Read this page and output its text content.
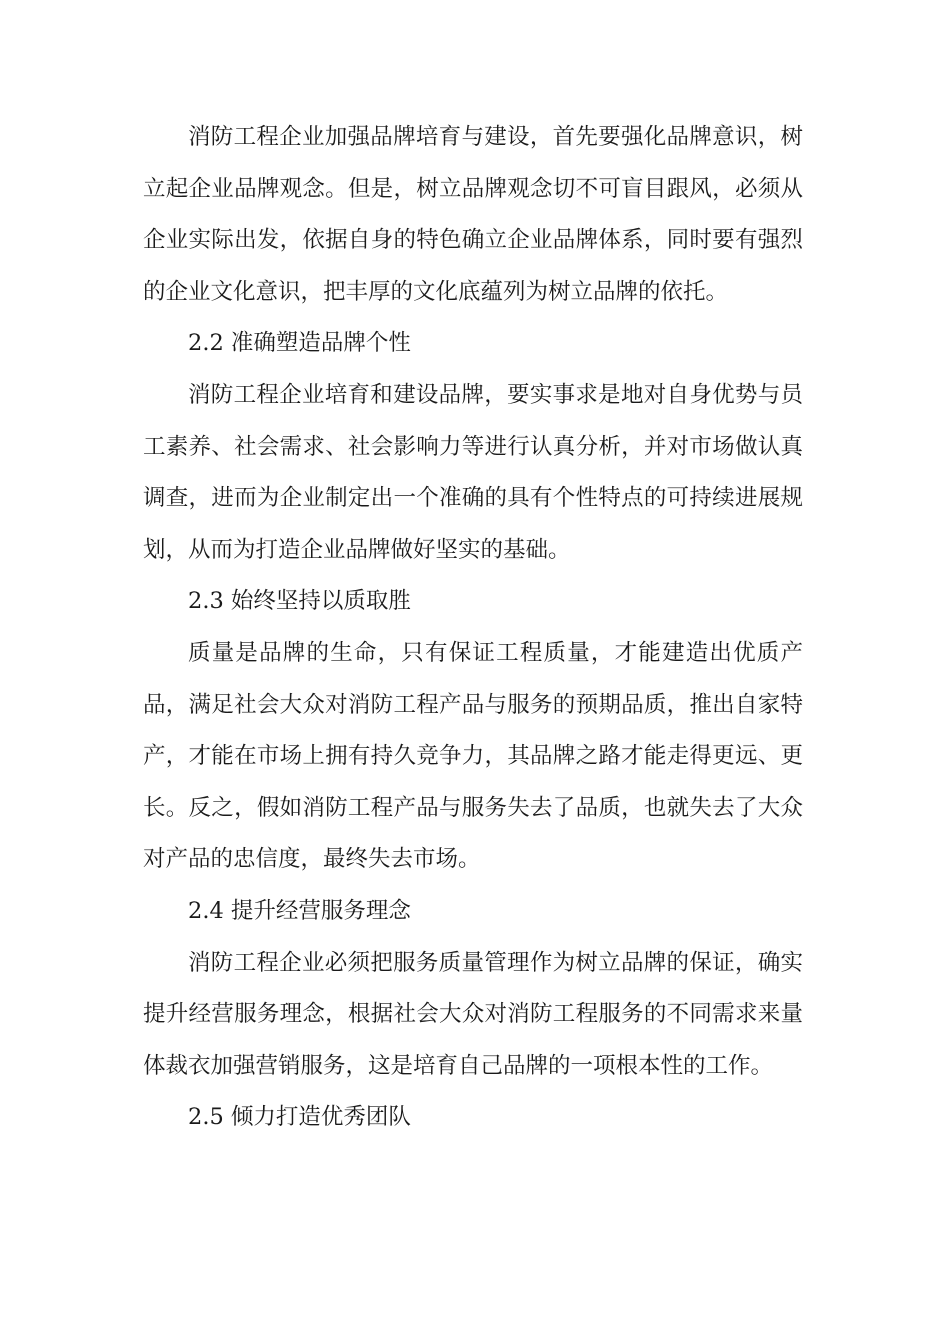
消防工程企业加强品牌培育与建设，首先要强化品牌意识，树立起企业品牌观念。但是，树立品牌观念切不可盲目跟风，必须从企业实际出发，依据自身的特色确立企业品牌体系，同时要有强烈的企业文化意识，把丰厚的文化底蕴列为树立品牌的依托。

2.2 准确塑造品牌个性

消防工程企业培育和建设品牌，要实事求是地对自身优势与员工素养、社会需求、社会影响力等进行认真分析，并对市场做认真调查，进而为企业制定出一个准确的具有个性特点的可持续进展规划，从而为打造企业品牌做好坚实的基础。

2.3 始终坚持以质取胜

质量是品牌的生命，只有保证工程质量，才能建造出优质产品，满足社会大众对消防工程产品与服务的预期品质，推出自家特产，才能在市场上拥有持久竞争力，其品牌之路才能走得更远、更长。反之，假如消防工程产品与服务失去了品质，也就失去了大众对产品的忠信度，最终失去市场。

2.4 提升经营服务理念

消防工程企业必须把服务质量管理作为树立品牌的保证，确实提升经营服务理念，根据社会大众对消防工程服务的不同需求来量体裁衣加强营销服务，这是培育自己品牌的一项根本性的工作。

2.5 倾力打造优秀团队
